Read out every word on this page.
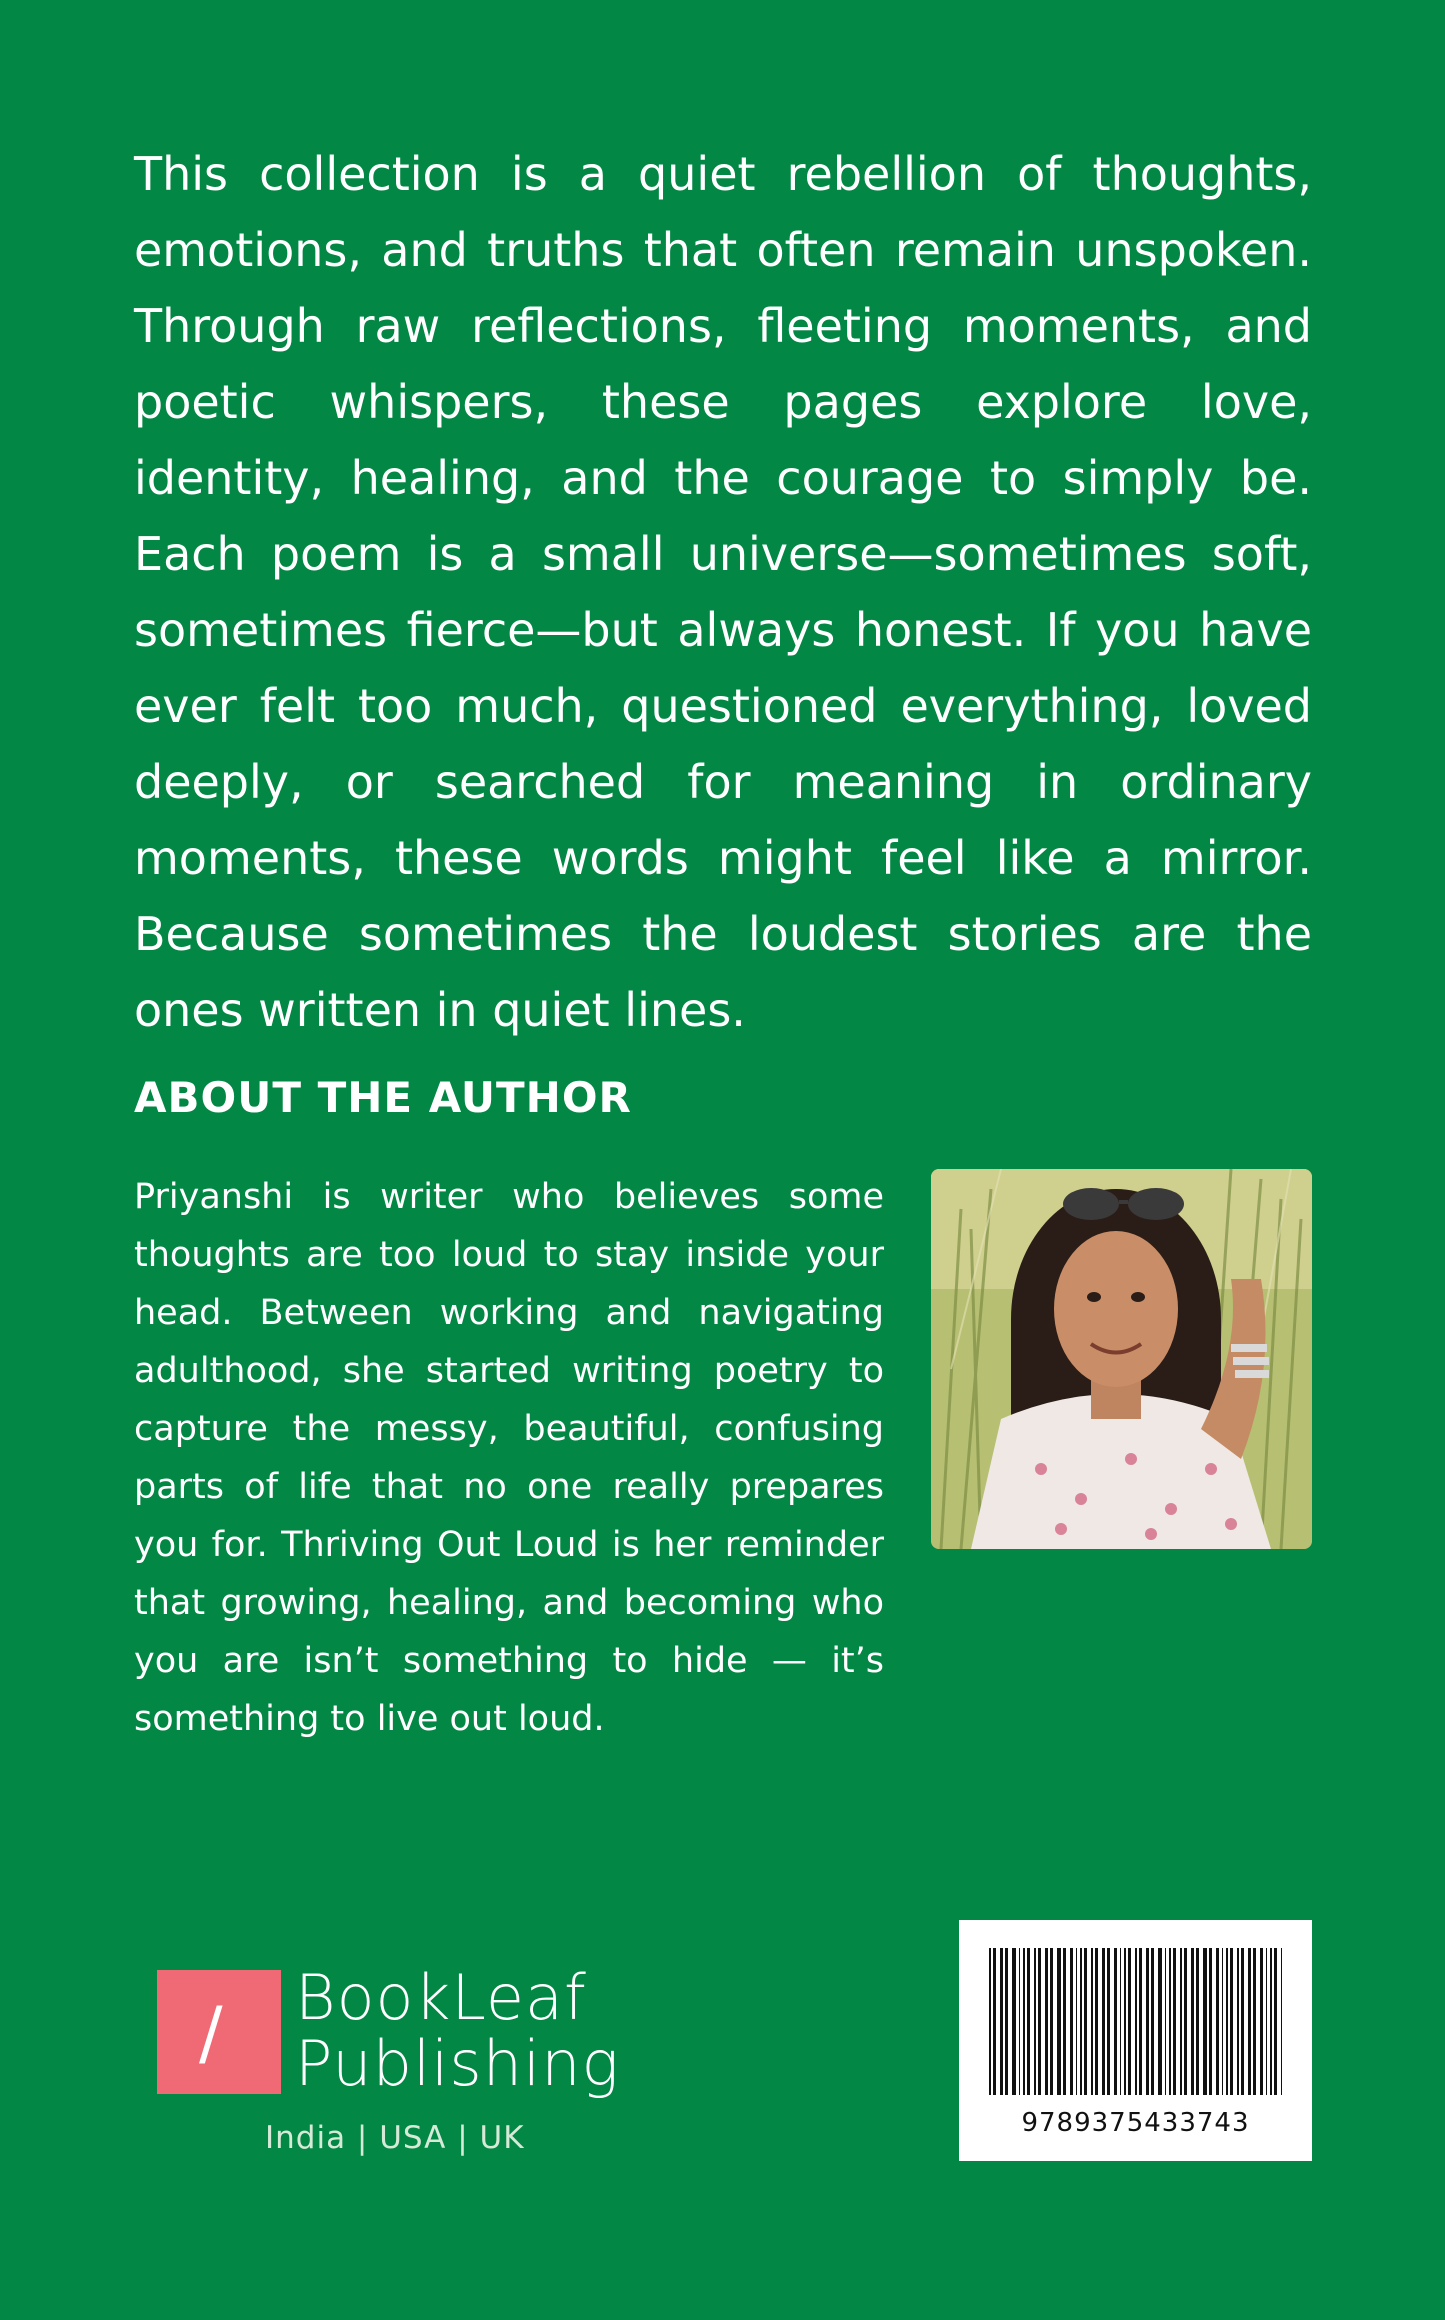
This collection is a quiet rebellion of thoughts, emotions, and truths that often remain unspoken. Through raw reflections, fleeting moments, and poetic whispers, these pages explore love, identity, healing, and the courage to simply be. Each poem is a small universe—sometimes soft, sometimes fierce—but always honest. If you have ever felt too much, questioned everything, loved deeply, or searched for meaning in ordinary moments, these words might feel like a mirror. Because sometimes the loudest stories are the ones written in quiet lines.

ABOUT THE AUTHOR

Priyanshi is writer who believes some thoughts are too loud to stay inside your head. Between working and navigating adulthood, she started writing poetry to capture the messy, beautiful, confusing parts of life that no one really prepares you for. Thriving Out Loud is her reminder that growing, healing, and becoming who you are isn’t something to hide — it’s something to live out loud.

/ BookLeaf
Publishing
India | USA | UK	9789375433743
